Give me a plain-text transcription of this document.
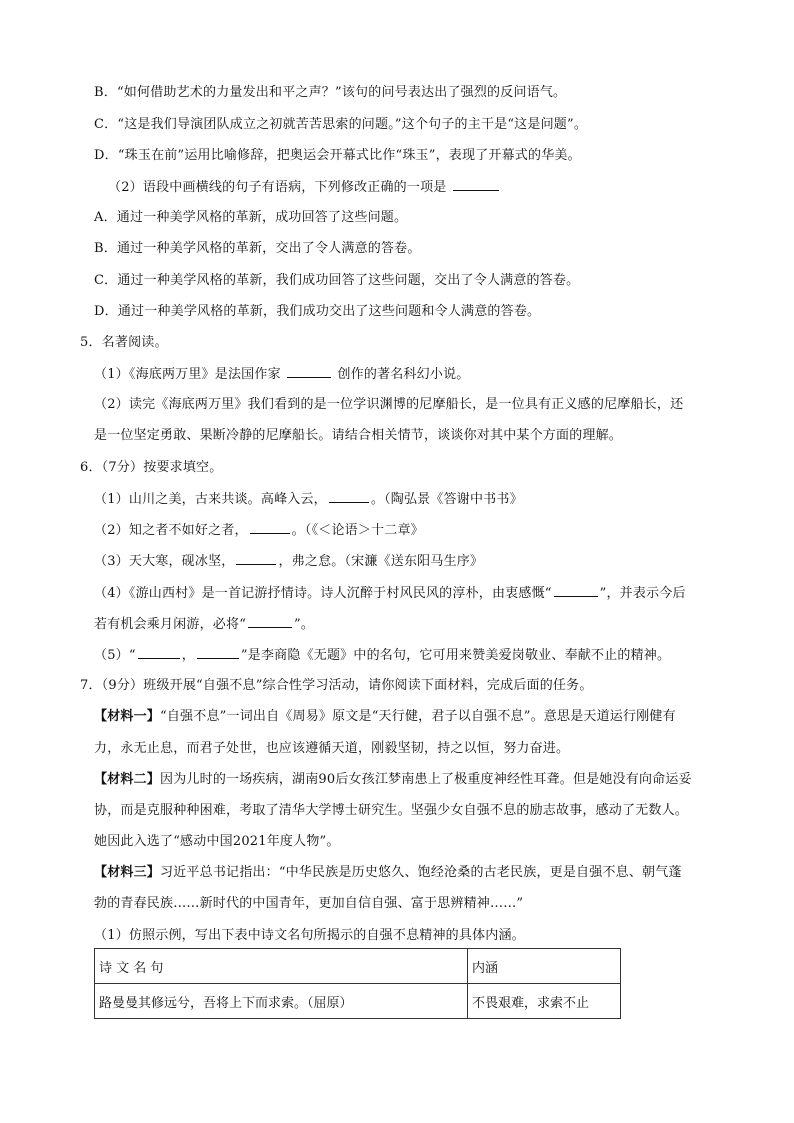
B．“如何借助艺术的力量发出和平之声？”该句的问号表达出了强烈的反问语气。
C．“这是我们导演团队成立之初就苦苦思索的问题。”这个句子的主干是“这是问题”。
D．“珠玉在前”运用比喻修辞，把奥运会开幕式比作“珠玉”，表现了开幕式的华美。
（2）语段中画横线的句子有语病，下列修改正确的一项是
A．通过一种美学风格的革新，成功回答了这些问题。
B．通过一种美学风格的革新，交出了令人满意的答卷。
C．通过一种美学风格的革新，我们成功回答了这些问题，交出了令人满意的答卷。
D．通过一种美学风格的革新，我们成功交出了这些问题和令人满意的答卷。
5．名著阅读。
（1）《海底两万里》是法国作家	创作的著名科幻小说。
（2）读完《海底两万里》我们看到的是一位学识渊博的尼摩船长，是一位具有正义感的尼摩船长，还
是一位坚定勇敢、果断冷静的尼摩船长。请结合相关情节，谈谈你对其中某个方面的理解。
6．（7分）按要求填空。
（1）山川之美，古来共谈。高峰入云，	。（陶弘景《答谢中书书》
（2）知之者不如好之者，	。（《＜论语＞十二章》
（3）天大寒，砚冰坚，	，弗之怠。（宋濂《送东阳马生序》
（4）《游山西村》是一首记游抒情诗。诗人沉醉于村风民风的淳朴，由衷感慨“	”，并表示今后
若有机会乘月闲游，必将“	”。
（5）“	，	”是李商隐《无题》中的名句，它可用来赞美爱岗敬业、奉献不止的精神。
7．（9分）班级开展“自强不息”综合性学习活动，请你阅读下面材料，完成后面的任务。
【材料一】“自强不息”一词出自《周易》原文是“天行健，君子以自强不息”。意思是天道运行刚健有
力，永无止息，而君子处世，也应该遵循天道，刚毅坚韧，持之以恒，努力奋进。
【材料二】因为儿时的一场疾病，湖南90后女孩江梦南患上了极重度神经性耳聋。但是她没有向命运妥
协，而是克服种种困难，考取了清华大学博士研究生。坚强少女自强不息的励志故事，感动了无数人。
她因此入选了“感动中国2021年度人物”。
【材料三】习近平总书记指出：“中华民族是历史悠久、饱经沧桑的古老民族，更是自强不息、朝气蓬
勃的青春民族……新时代的中国青年，更加自信自强、富于思辨精神……”
（1）仿照示例，写出下表中诗文名句所揭示的自强不息精神的具体内涵。
诗 文 名 句	内涵
路曼曼其修远兮，吾将上下而求索。（屈原）	不畏艰难，求索不止
